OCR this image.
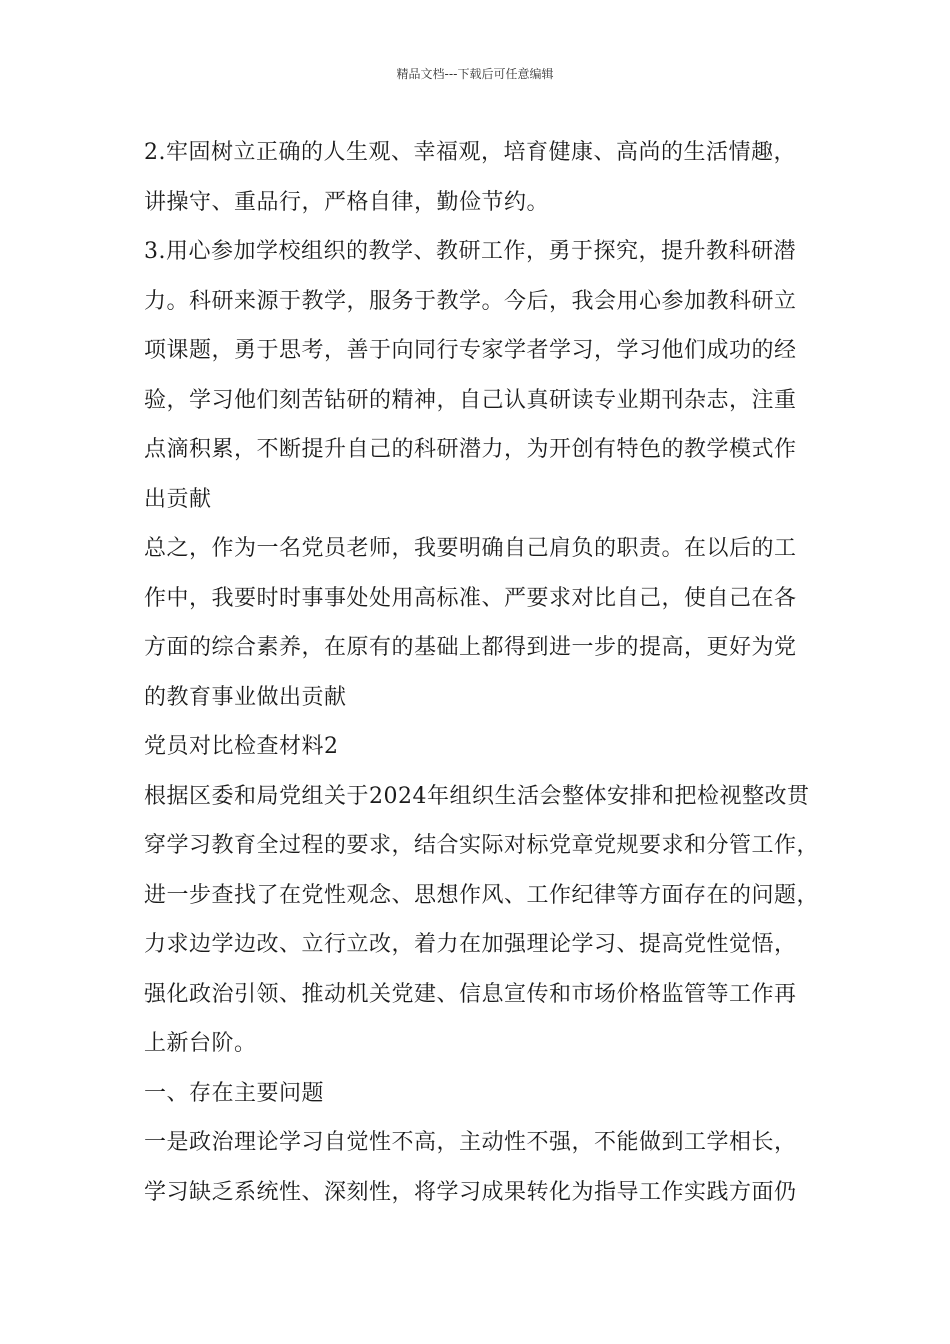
精品文档---下载后可任意编辑
2.牢固树立正确的人生观、幸福观，培育健康、高尚的生活情趣，
讲操守、重品行，严格自律，勤俭节约。
3.用心参加学校组织的教学、教研工作，勇于探究，提升教科研潜
力。科研来源于教学，服务于教学。今后，我会用心参加教科研立
项课题，勇于思考，善于向同行专家学者学习，学习他们成功的经
验，学习他们刻苦钻研的精神，自己认真研读专业期刊杂志，注重
点滴积累，不断提升自己的科研潜力，为开创有特色的教学模式作
出贡献
总之，作为一名党员老师，我要明确自己肩负的职责。在以后的工
作中，我要时时事事处处用高标准、严要求对比自己，使自己在各
方面的综合素养，在原有的基础上都得到进一步的提高，更好为党
的教育事业做出贡献
党员对比检查材料2
根据区委和局党组关于2024年组织生活会整体安排和把检视整改贯
穿学习教育全过程的要求，结合实际对标党章党规要求和分管工作，
进一步查找了在党性观念、思想作风、工作纪律等方面存在的问题，
力求边学边改、立行立改，着力在加强理论学习、提高党性觉悟，
强化政治引领、推动机关党建、信息宣传和市场价格监管等工作再
上新台阶。
一、存在主要问题
一是政治理论学习自觉性不高，主动性不强，不能做到工学相长，
学习缺乏系统性、深刻性，将学习成果转化为指导工作实践方面仍
